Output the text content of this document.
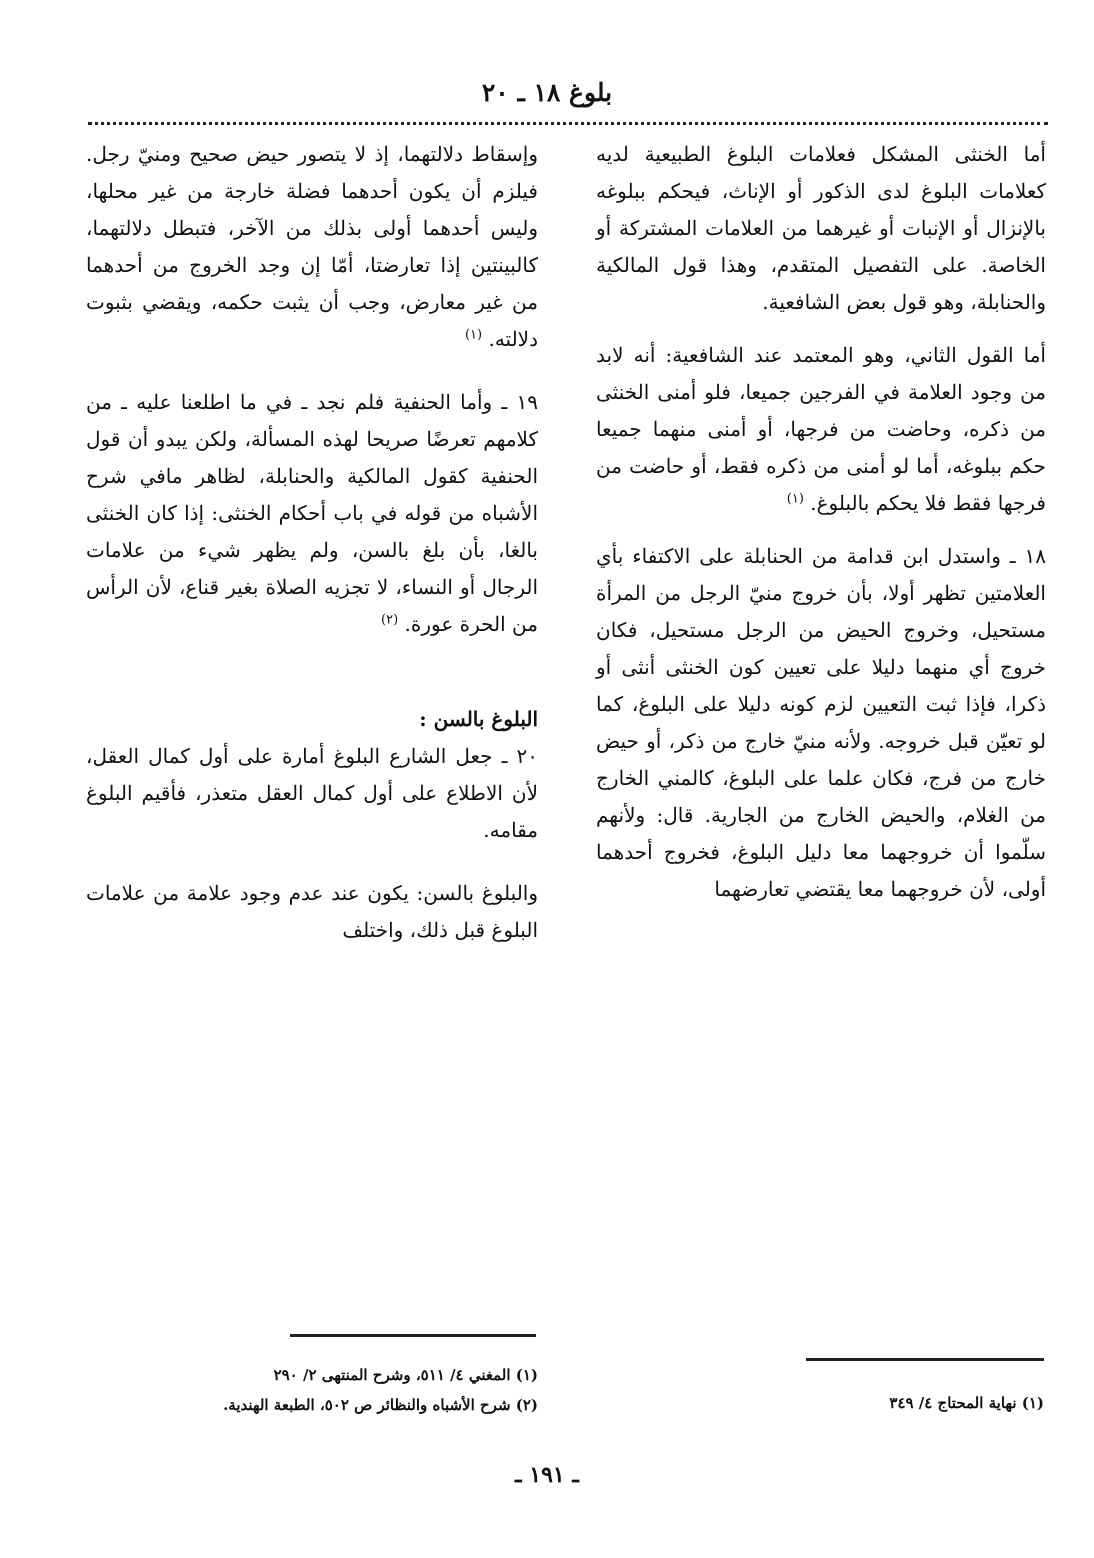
بلوغ ١٨ ـ ٢٠

أما الخنثى المشكل فعلامات البلوغ الطبيعية لديه كعلامات البلوغ لدى الذكور أو الإناث، فيحكم ببلوغه بالإنزال أو الإنبات أو غيرهما من العلامات المشتركة أو الخاصة. على التفصيل المتقدم، وهذا قول المالكية والحنابلة، وهو قول بعض الشافعية.

أما القول الثاني، وهو المعتمد عند الشافعية: أنه لابد من وجود العلامة في الفرجين جميعا، فلو أمنى الخنثى من ذكره، وحاضت من فرجها، أو أمنى منهما جميعا حكم ببلوغه، أما لو أمنى من ذكره فقط، أو حاضت من فرجها فقط فلا يحكم بالبلوغ. $^{(١)}$

١٨ ـ واستدل ابن قدامة من الحنابلة على الاكتفاء بأي العلامتين تظهر أولا، بأن خروج منيّ الرجل من المرأة مستحيل، وخروج الحيض من الرجل مستحيل، فكان خروج أي منهما دليلا على تعيين كون الخنثى أنثى أو ذكرا، فإذا ثبت التعيين لزم كونه دليلا على البلوغ، كما لو تعيّن قبل خروجه. ولأنه منيّ خارج من ذكر، أو حيض خارج من فرج، فكان علما على البلوغ، كالمني الخارج من الغلام، والحيض الخارج من الجارية. قال: ولأنهم سلّموا أن خروجهما معا دليل البلوغ، فخروج أحدهما أولى، لأن خروجهما معا يقتضي تعارضهما

وإسقاط دلالتهما، إذ لا يتصور حيض صحيح ومنيّ رجل. فيلزم أن يكون أحدهما فضلة خارجة من غير محلها، وليس أحدهما أولى بذلك من الآخر، فتبطل دلالتهما، كالبينتين إذا تعارضتا، أمّا إن وجد الخروج من أحدهما من غير معارض، وجب أن يثبت حكمه، ويقضي بثبوت دلالته. $^{(١)}$

١٩ ـ وأما الحنفية فلم نجد ـ في ما اطلعنا عليه ـ من كلامهم تعرضًا صريحا لهذه المسألة، ولكن يبدو أن قول الحنفية كقول المالكية والحنابلة، لظاهر مافي شرح الأشباه من قوله في باب أحكام الخنثى: إذا كان الخنثى بالغا، بأن بلغ بالسن، ولم يظهر شيء من علامات الرجال أو النساء، لا تجزيه الصلاة بغير قناع، لأن الرأس من الحرة عورة. $^{(٢)}$

البلوغ بالسن :

٢٠ ـ جعل الشارع البلوغ أمارة على أول كمال العقل، لأن الاطلاع على أول كمال العقل متعذر، فأقيم البلوغ مقامه.

والبلوغ بالسن: يكون عند عدم وجود علامة من علامات البلوغ قبل ذلك، واختلف

(١) نهاية المحتاج ٤/ ٣٤٩
(١) المغني ٤/ ٥١١، وشرح المنتهى ٢/ ٢٩٠
(٢) شرح الأشباه والنظائر ص ٥٠٢، الطبعة الهندية.
ـ ١٩١ ـ
